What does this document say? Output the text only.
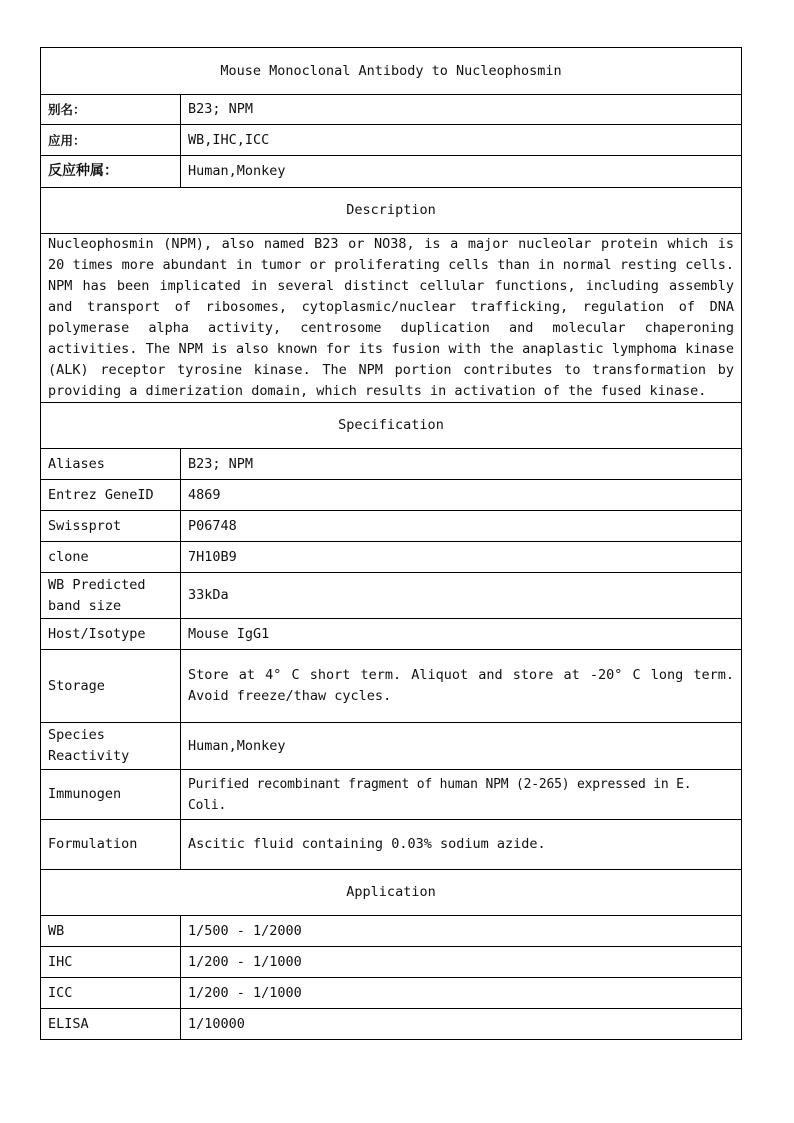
Mouse Monoclonal Antibody to Nucleophosmin	
别名：	B23; NPM
应用：	WB,IHC,ICC
反应种属：	Human,Monkey
Description	
Nucleophosmin (NPM), also named B23 or NO38, is a major nucleolar protein which is 20 times more abundant in tumor or proliferating cells than in normal resting cells. NPM has been implicated in several distinct cellular functions, including assembly and transport of ribosomes, cytoplasmic/nuclear trafficking, regulation of DNA polymerase alpha activity, centrosome duplication and molecular chaperoning activities. The NPM is also known for its fusion with the anaplastic lymphoma kinase (ALK) receptor tyrosine kinase. The NPM portion contributes to transformation by providing a dimerization domain, which results in activation of the fused kinase.	
Specification	
Aliases	B23; NPM
Entrez GeneID	4869
Swissprot	P06748
clone	7H10B9
WB Predicted band size	33kDa
Host/Isotype	Mouse IgG1
Storage	Store at 4° C short term. Aliquot and store at -20° C long term. Avoid freeze/thaw cycles.
Species Reactivity	Human,Monkey
Immunogen	Purified recombinant fragment of human NPM (2-265) expressed in E. Coli.
Formulation	Ascitic fluid containing 0.03% sodium azide.
Application	
WB	1/500 - 1/2000
IHC	1/200 - 1/1000
ICC	1/200 - 1/1000
ELISA	1/10000
